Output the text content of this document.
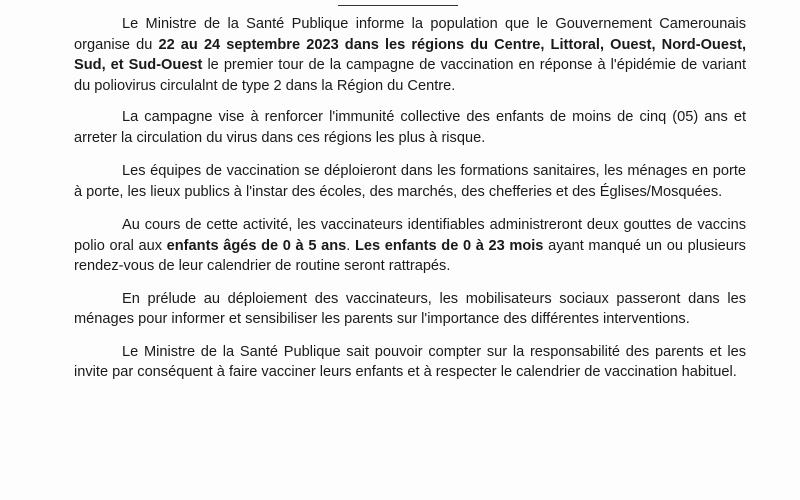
Le Ministre de la Santé Publique informe la population que le Gouvernement Camerounais organise du 22 au 24 septembre 2023 dans les régions du Centre, Littoral, Ouest, Nord-Ouest, Sud, et Sud-Ouest le premier tour de la campagne de vaccination en réponse à l'épidémie de variant du poliovirus circulalnt de type 2 dans la Région du Centre.

La campagne vise à renforcer l'immunité collective des enfants de moins de cinq (05) ans et arreter la circulation du virus dans ces régions les plus à risque.

Les équipes de vaccination se déploieront dans les formations sanitaires, les ménages en porte à porte, les lieux publics à l'instar des écoles, des marchés, des chefferies et des Églises/Mosquées.

Au cours de cette activité, les vaccinateurs identifiables administreront deux gouttes de vaccins polio oral aux enfants âgés de 0 à 5 ans. Les enfants de 0 à 23 mois ayant manqué un ou plusieurs rendez-vous de leur calendrier de routine seront rattrapés.

En prélude au déploiement des vaccinateurs, les mobilisateurs sociaux passeront dans les ménages pour informer et sensibiliser les parents sur l'importance des différentes interventions.

Le Ministre de la Santé Publique sait pouvoir compter sur la responsabilité des parents et les invite par conséquent à faire vacciner leurs enfants et à respecter le calendrier de vaccination habituel.
